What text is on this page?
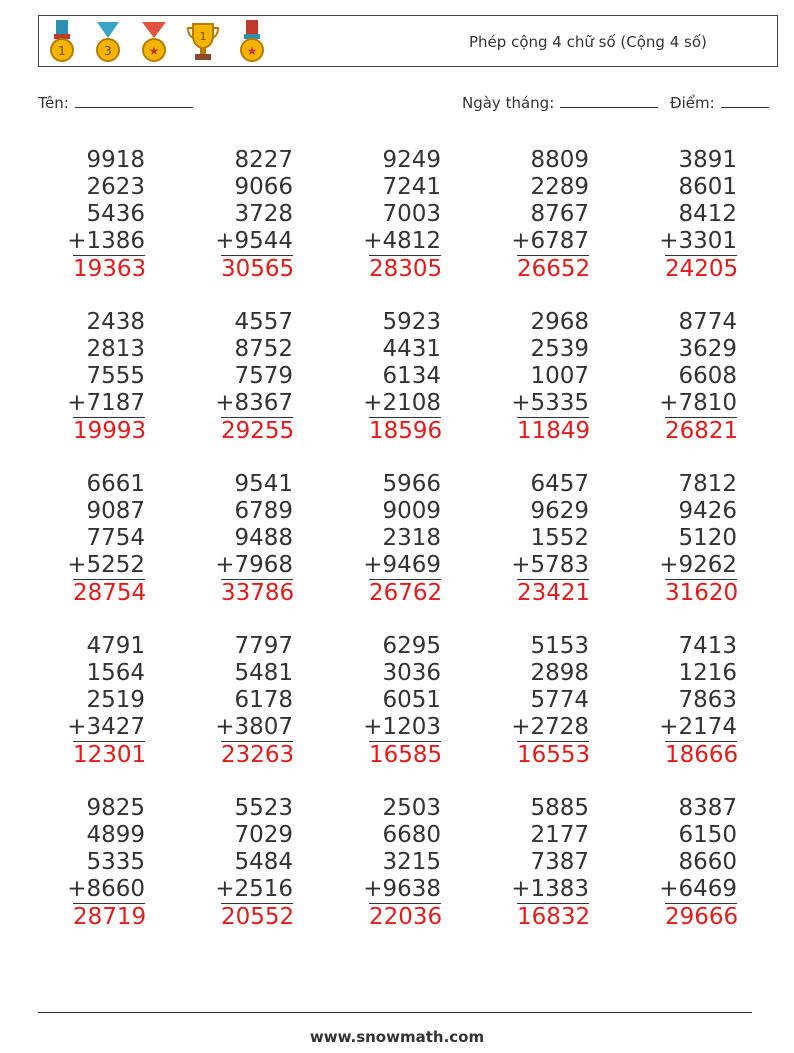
1	3	★
1
★	Phép cộng 4 chữ số (Cộng 4 số)
Tên:	Ngày tháng:	Điểm:
9918
2623
5436
+1386
19363
8227
9066
3728
+9544
30565
9249
7241
7003
+4812
28305
8809
2289
8767
+6787
26652
3891
8601
8412
+3301
24205
2438
2813
7555
+7187
19993
4557
8752
7579
+8367
29255
5923
4431
6134
+2108
18596
2968
2539
1007
+5335
11849
8774
3629
6608
+7810
26821
6661
9087
7754
+5252
28754
9541
6789
9488
+7968
33786
5966
9009
2318
+9469
26762
6457
9629
1552
+5783
23421
7812
9426
5120
+9262
31620
4791
1564
2519
+3427
12301
7797
5481
6178
+3807
23263
6295
3036
6051
+1203
16585
5153
2898
5774
+2728
16553
7413
1216
7863
+2174
18666
9825
4899
5335
+8660
28719
5523
7029
5484
+2516
20552
2503
6680
3215
+9638
22036
5885
2177
7387
+1383
16832
8387
6150
8660
+6469
29666
www.snowmath.com
